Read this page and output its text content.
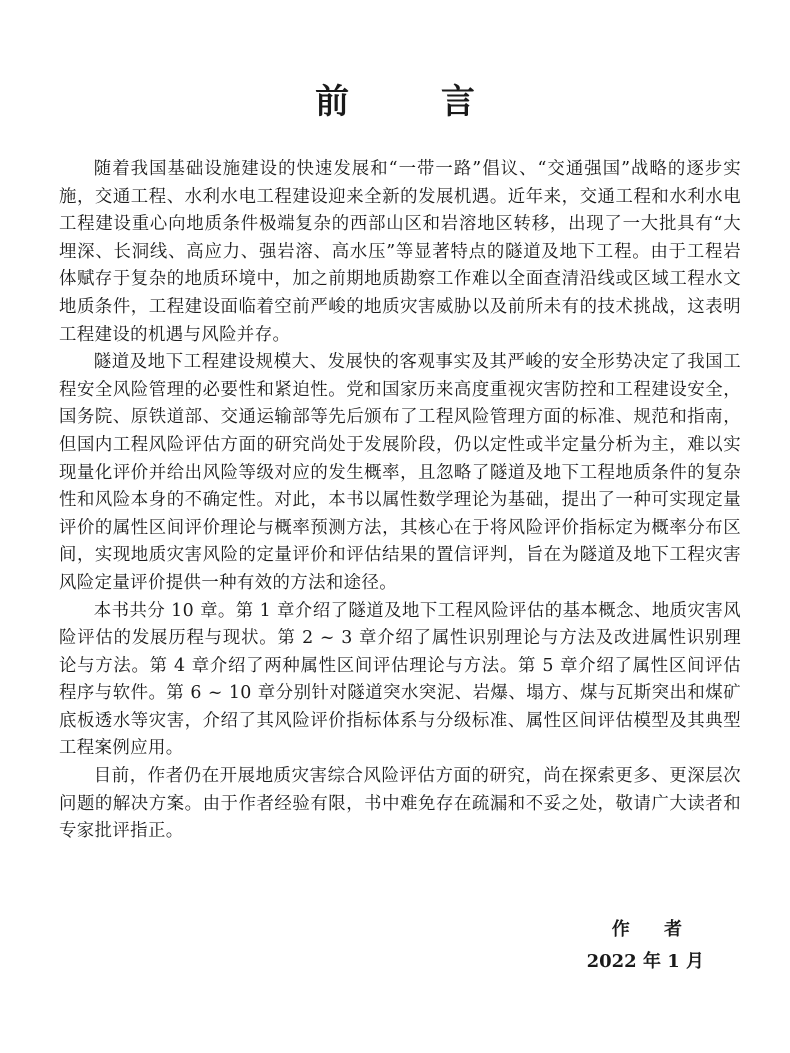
前 言

随着我国基础设施建设的快速发展和“一带一路”倡议、“交通强国”战略的逐步实施，交通工程、水利水电工程建设迎来全新的发展机遇。近年来，交通工程和水利水电工程建设重心向地质条件极端复杂的西部山区和岩溶地区转移，出现了一大批具有“大埋深、长洞线、高应力、强岩溶、高水压”等显著特点的隧道及地下工程。由于工程岩体赋存于复杂的地质环境中，加之前期地质勘察工作难以全面查清沿线或区域工程水文地质条件，工程建设面临着空前严峻的地质灾害威胁以及前所未有的技术挑战，这表明工程建设的机遇与风险并存。

隧道及地下工程建设规模大、发展快的客观事实及其严峻的安全形势决定了我国工程安全风险管理的必要性和紧迫性。党和国家历来高度重视灾害防控和工程建设安全，国务院、原铁道部、交通运输部等先后颁布了工程风险管理方面的标准、规范和指南，但国内工程风险评估方面的研究尚处于发展阶段，仍以定性或半定量分析为主，难以实现量化评价并给出风险等级对应的发生概率，且忽略了隧道及地下工程地质条件的复杂性和风险本身的不确定性。对此，本书以属性数学理论为基础，提出了一种可实现定量评价的属性区间评价理论与概率预测方法，其核心在于将风险评价指标定为概率分布区间，实现地质灾害风险的定量评价和评估结果的置信评判，旨在为隧道及地下工程灾害风险定量评价提供一种有效的方法和途径。

本书共分 10 章。第 1 章介绍了隧道及地下工程风险评估的基本概念、地质灾害风险评估的发展历程与现状。第 2 ~ 3 章介绍了属性识别理论与方法及改进属性识别理论与方法。第 4 章介绍了两种属性区间评估理论与方法。第 5 章介绍了属性区间评估程序与软件。第 6 ~ 10 章分别针对隧道突水突泥、岩爆、塌方、煤与瓦斯突出和煤矿底板透水等灾害，介绍了其风险评价指标体系与分级标准、属性区间评估模型及其典型工程案例应用。

目前，作者仍在开展地质灾害综合风险评估方面的研究，尚在探索更多、更深层次问题的解决方案。由于作者经验有限，书中难免存在疏漏和不妥之处，敬请广大读者和专家批评指正。

作 者
2022 年 1 月
